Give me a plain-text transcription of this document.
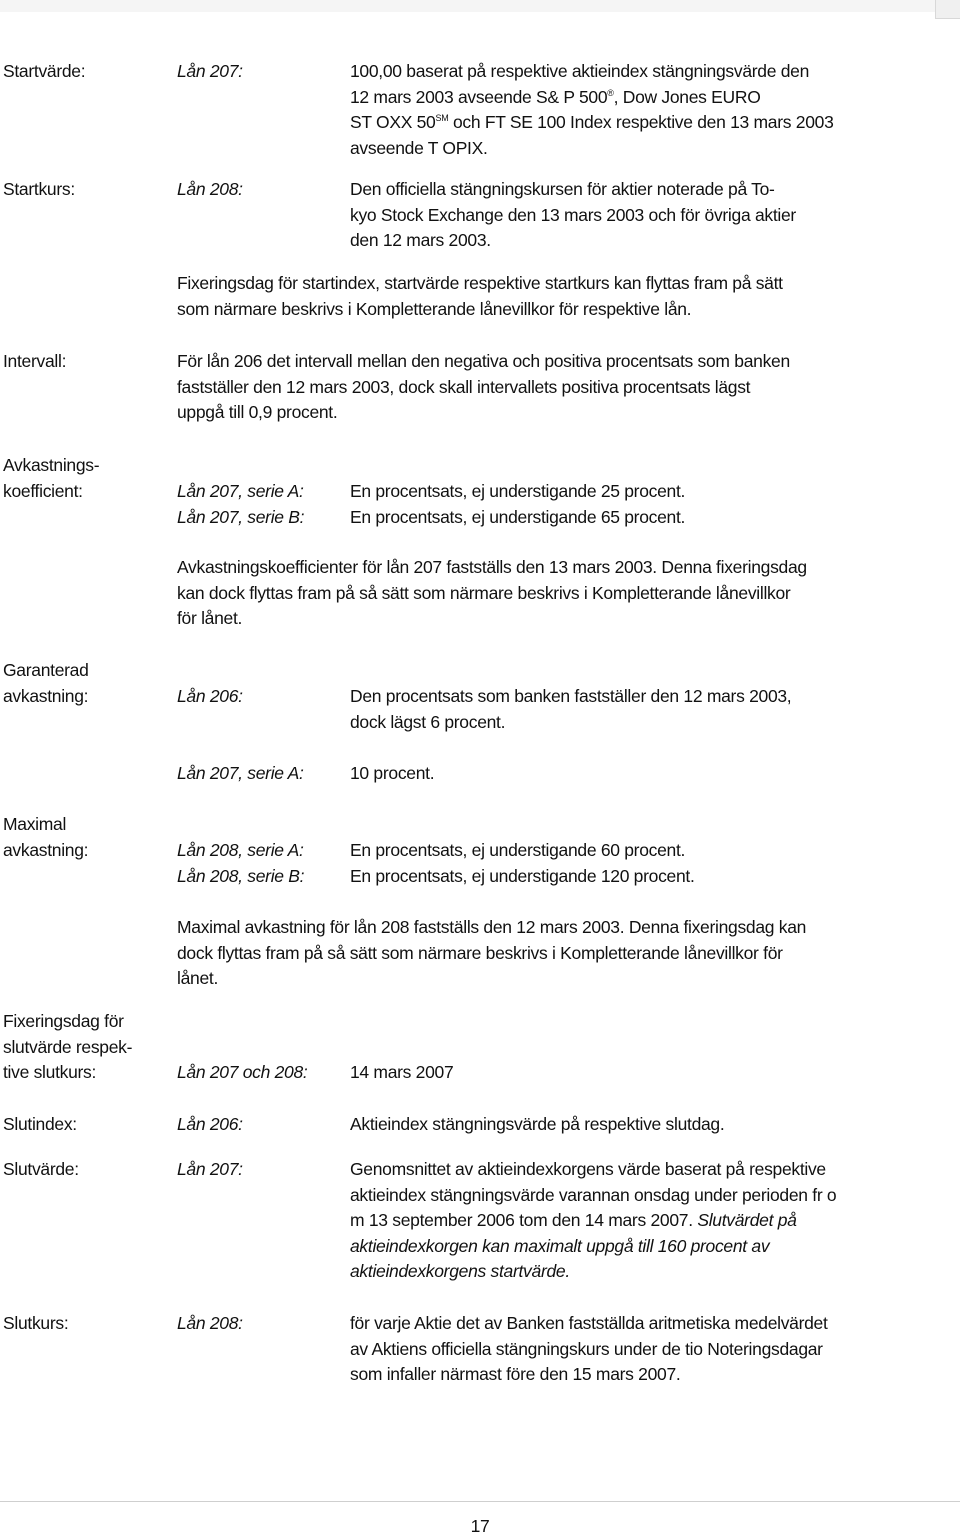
Startvärde:	Lån 207:	100,00 baserat på respektive aktieindex stängningsvärde den
12 mars 2003 avseende S& P 500®, Dow Jones EURO
ST OXX 50℠ och FT SE 100 Index respektive den 13 mars 2003
avseende T OPIX.
Startkurs:	Lån 208:	Den officiella stängningskursen för aktier noterade på To-
kyo Stock Exchange den 13 mars 2003 och för övriga aktier
den 12 mars 2003.
Fixeringsdag för startindex, startvärde respektive startkurs kan flyttas fram på sätt
som närmare beskrivs i Kompletterande lånevillkor för respektive lån.
Intervall:	För lån 206 det intervall mellan den negativa och positiva procentsats som banken
fastställer den 12 mars 2003, dock skall intervallets positiva procentsats lägst
uppgå till 0,9 procent.
Avkastnings-
koefficient:	Lån 207, serie A:	En procentsats, ej understigande 25 procent.
Lån 207, serie B:	En procentsats, ej understigande 65 procent.
Avkastningskoefficienter för lån 207 fastställs den 13 mars 2003. Denna fixeringsdag
kan dock flyttas fram på så sätt som närmare beskrivs i Kompletterande lånevillkor
för lånet.
Garanterad
avkastning:	Lån 206:	Den procentsats som banken fastställer den 12 mars 2003,
dock lägst 6 procent.
Lån 207, serie A:	10 procent.
Maximal
avkastning:	Lån 208, serie A:	En procentsats, ej understigande 60 procent.
Lån 208, serie B:	En procentsats, ej understigande 120 procent.
Maximal avkastning för lån 208 fastställs den 12 mars 2003. Denna fixeringsdag kan
dock flyttas fram på så sätt som närmare beskrivs i Kompletterande lånevillkor för
lånet.
Fixeringsdag för
slutvärde respek-
tive slutkurs:	Lån 207 och 208: 14 mars 2007
Slutindex:	Lån 206:	Aktieindex stängningsvärde på respektive slutdag.
Slutvärde:	Lån 207:	Genomsnittet av aktieindexkorgens värde baserat på respektive
aktieindex stängningsvärde varannan onsdag under perioden fr o
m 13 september 2006 tom den 14 mars 2007. Slutvärdet på
aktieindexkorgen kan maximalt uppgå till 160 procent av
aktieindexkorgens startvärde.
Slutkurs:	Lån 208:	för varje Aktie det av Banken fastställda aritmetiska medelvärdet
av Aktiens officiella stängningskurs under de tio Noteringsdagar
som infaller närmast före den 15 mars 2007.
17
